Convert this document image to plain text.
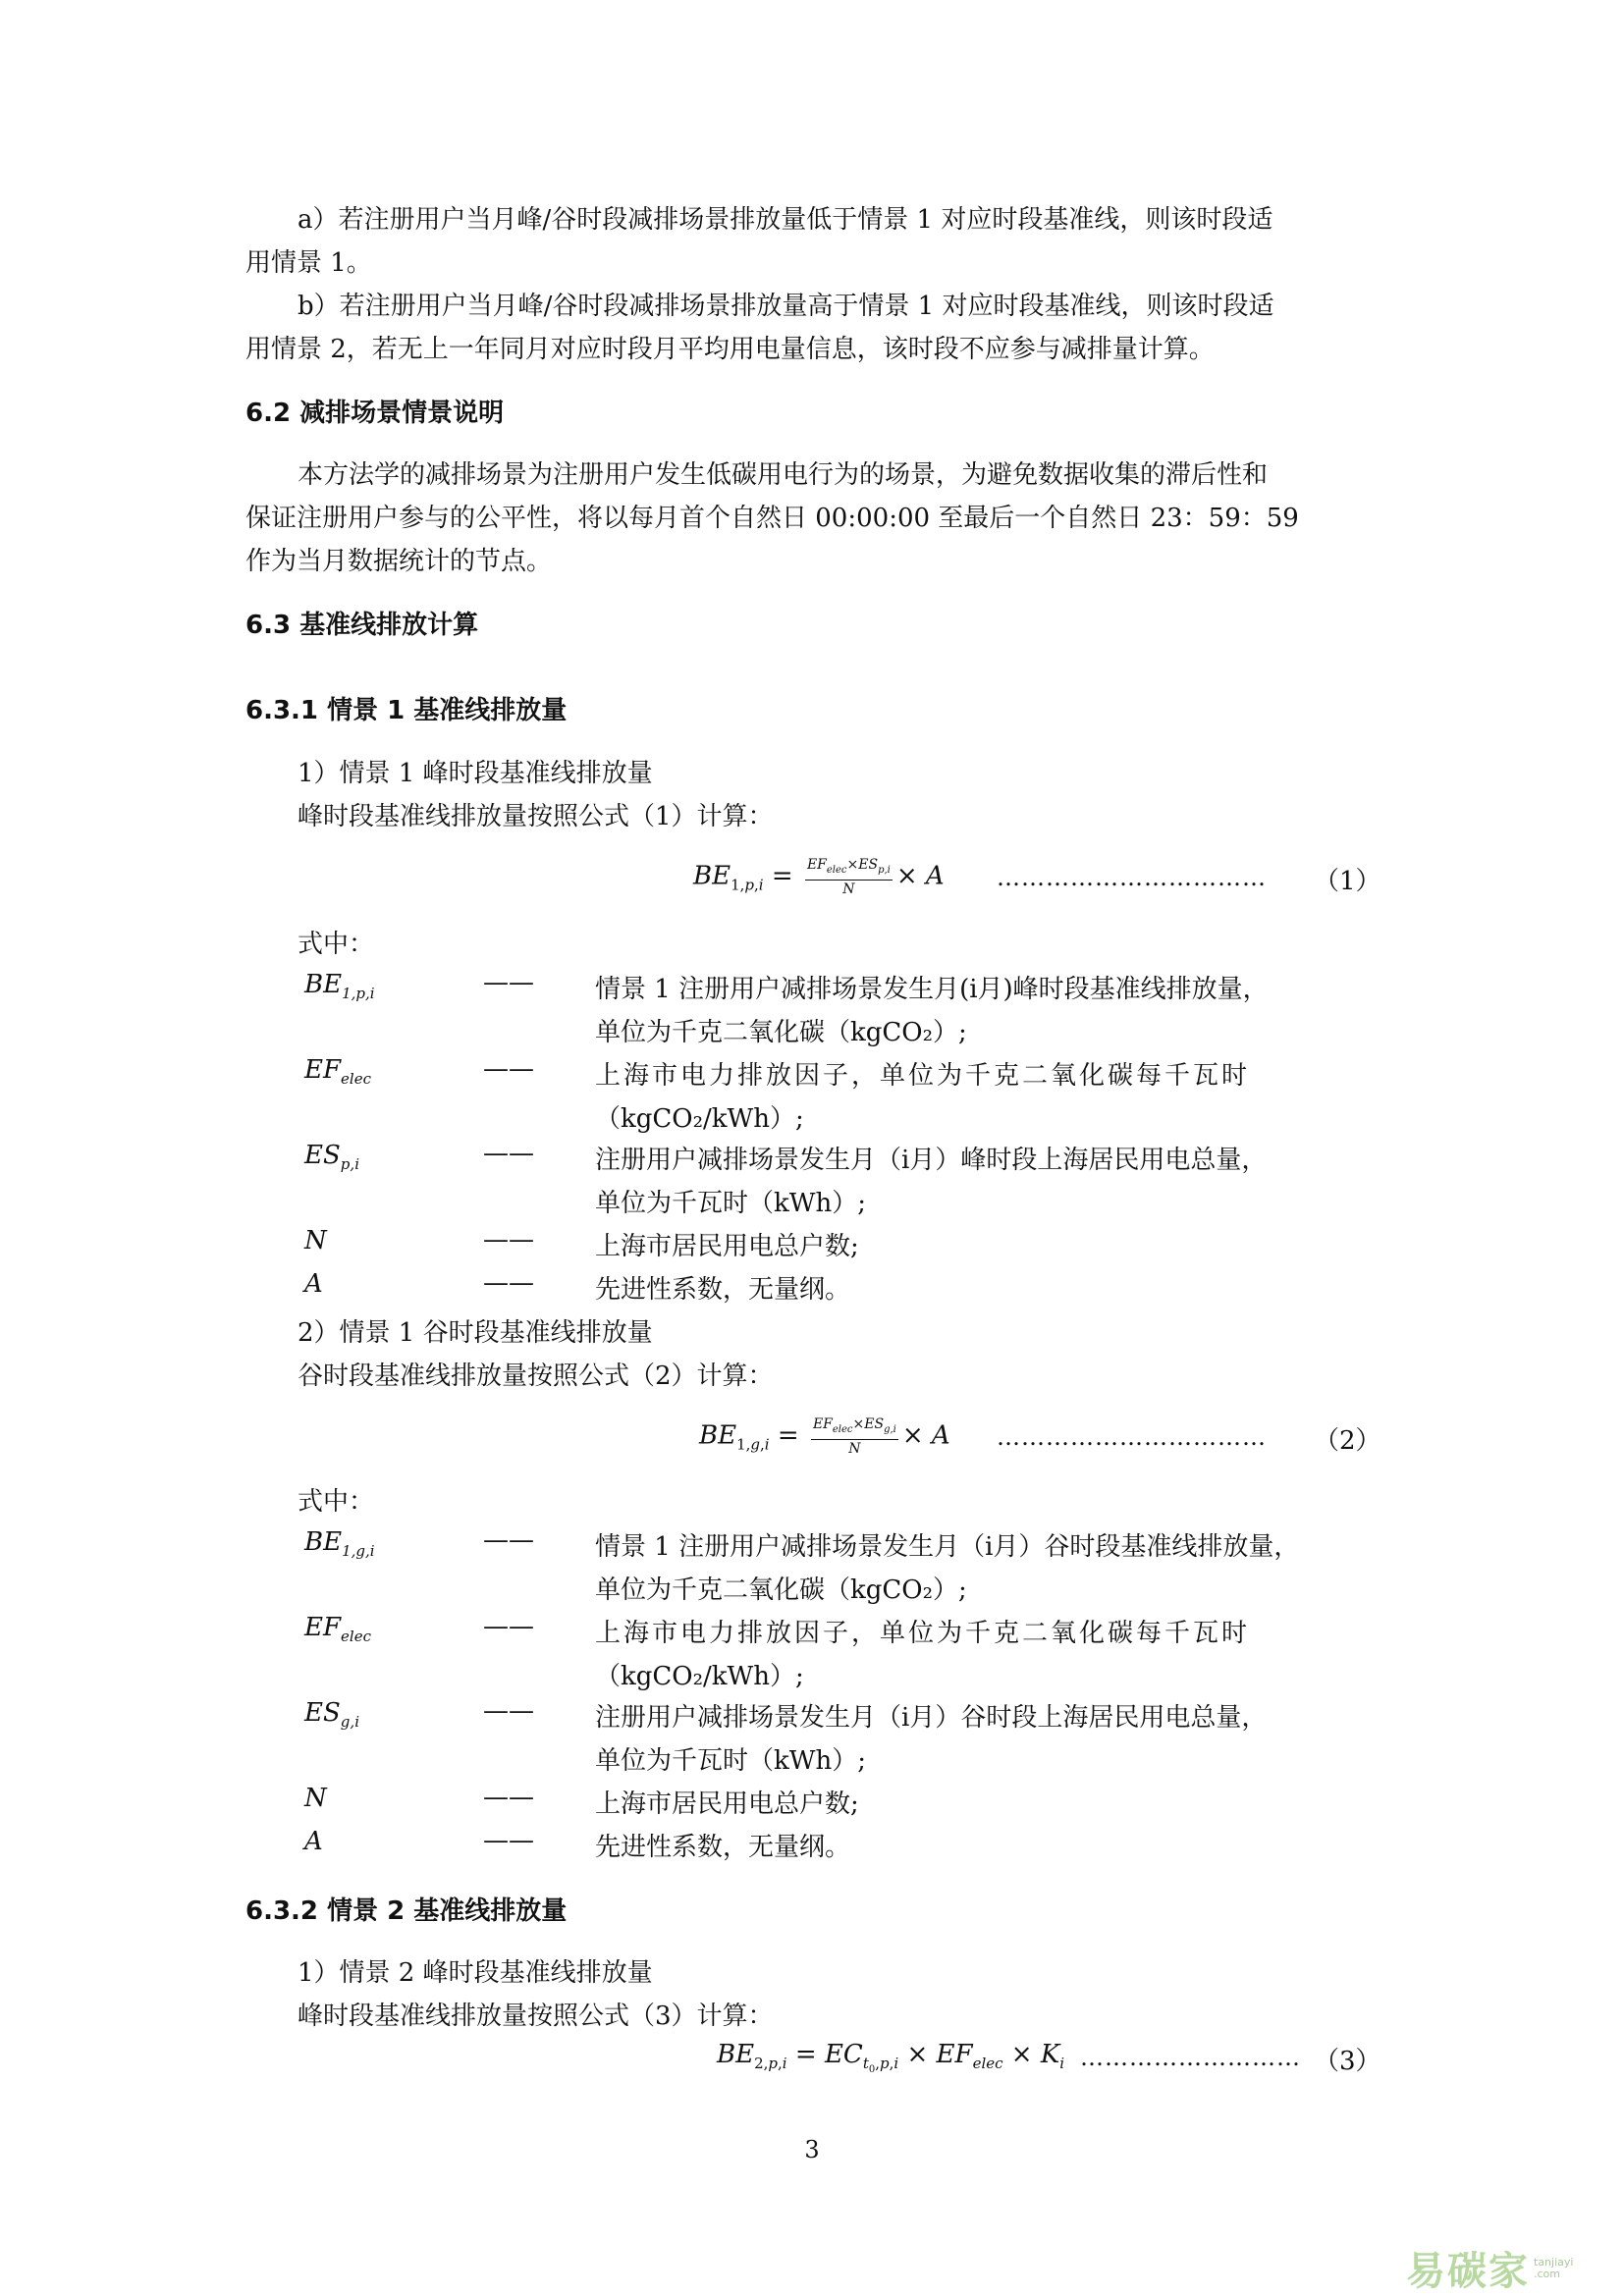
a）若注册用户当月峰/谷时段减排场景排放量低于情景 1 对应时段基准线，则该时段适

用情景 1。

b）若注册用户当月峰/谷时段减排场景排放量高于情景 1 对应时段基准线，则该时段适

用情景 2，若无上一年同月对应时段月平均用电量信息，该时段不应参与减排量计算。

6.2 减排场景情景说明

本方法学的减排场景为注册用户发生低碳用电行为的场景，为避免数据收集的滞后性和

保证注册用户参与的公平性，将以每月首个自然日 00:00:00 至最后一个自然日 23：59：59

作为当月数据统计的节点。

6.3 基准线排放计算

6.3.1 情景 1 基准线排放量

1）情景 1 峰时段基准线排放量

峰时段基准线排放量按照公式（1）计算：

$BE_{1,p,i} = \frac{EF_{elec}\times ES_{p,i}}{N} \times A$ …………………………… （1）

式中：

$BE_{1,p,i}$	—— 情景 1 注册用户减排场景发生月(i月)峰时段基准线排放量，
单位为千克二氧化碳（kgCO₂）;
$EF_{elec}$	—— 上海市电力排放因子，单位为千克二氧化碳每千瓦时
（kgCO₂/kWh）;
$ES_{p,i}$	—— 注册用户减排场景发生月（i月）峰时段上海居民用电总量，
单位为千瓦时（kWh）;
N	—— 上海市居民用电总户数;
A	—— 先进性系数，无量纲。

2）情景 1 谷时段基准线排放量

谷时段基准线排放量按照公式（2）计算：

$BE_{1,g,i} = \frac{EF_{elec}\times ES_{g,i}}{N} \times A$ …………………………… （2）

式中：

$BE_{1,g,i}$	—— 情景 1 注册用户减排场景发生月（i月）谷时段基准线排放量，
单位为千克二氧化碳（kgCO₂）;
$EF_{elec}$	—— 上海市电力排放因子，单位为千克二氧化碳每千瓦时
（kgCO₂/kWh）;
$ES_{g,i}$	—— 注册用户减排场景发生月（i月）谷时段上海居民用电总量，
单位为千瓦时（kWh）;
N	—— 上海市居民用电总户数;
A	—— 先进性系数，无量纲。

6.3.2 情景 2 基准线排放量

1）情景 2 峰时段基准线排放量

峰时段基准线排放量按照公式（3）计算：

$BE_{2,p,i} = EC_{t_0,p,i} \times EF_{elec} \times K_i$ ……………………… （3）
3
易碳家 tanjiayi
.com
